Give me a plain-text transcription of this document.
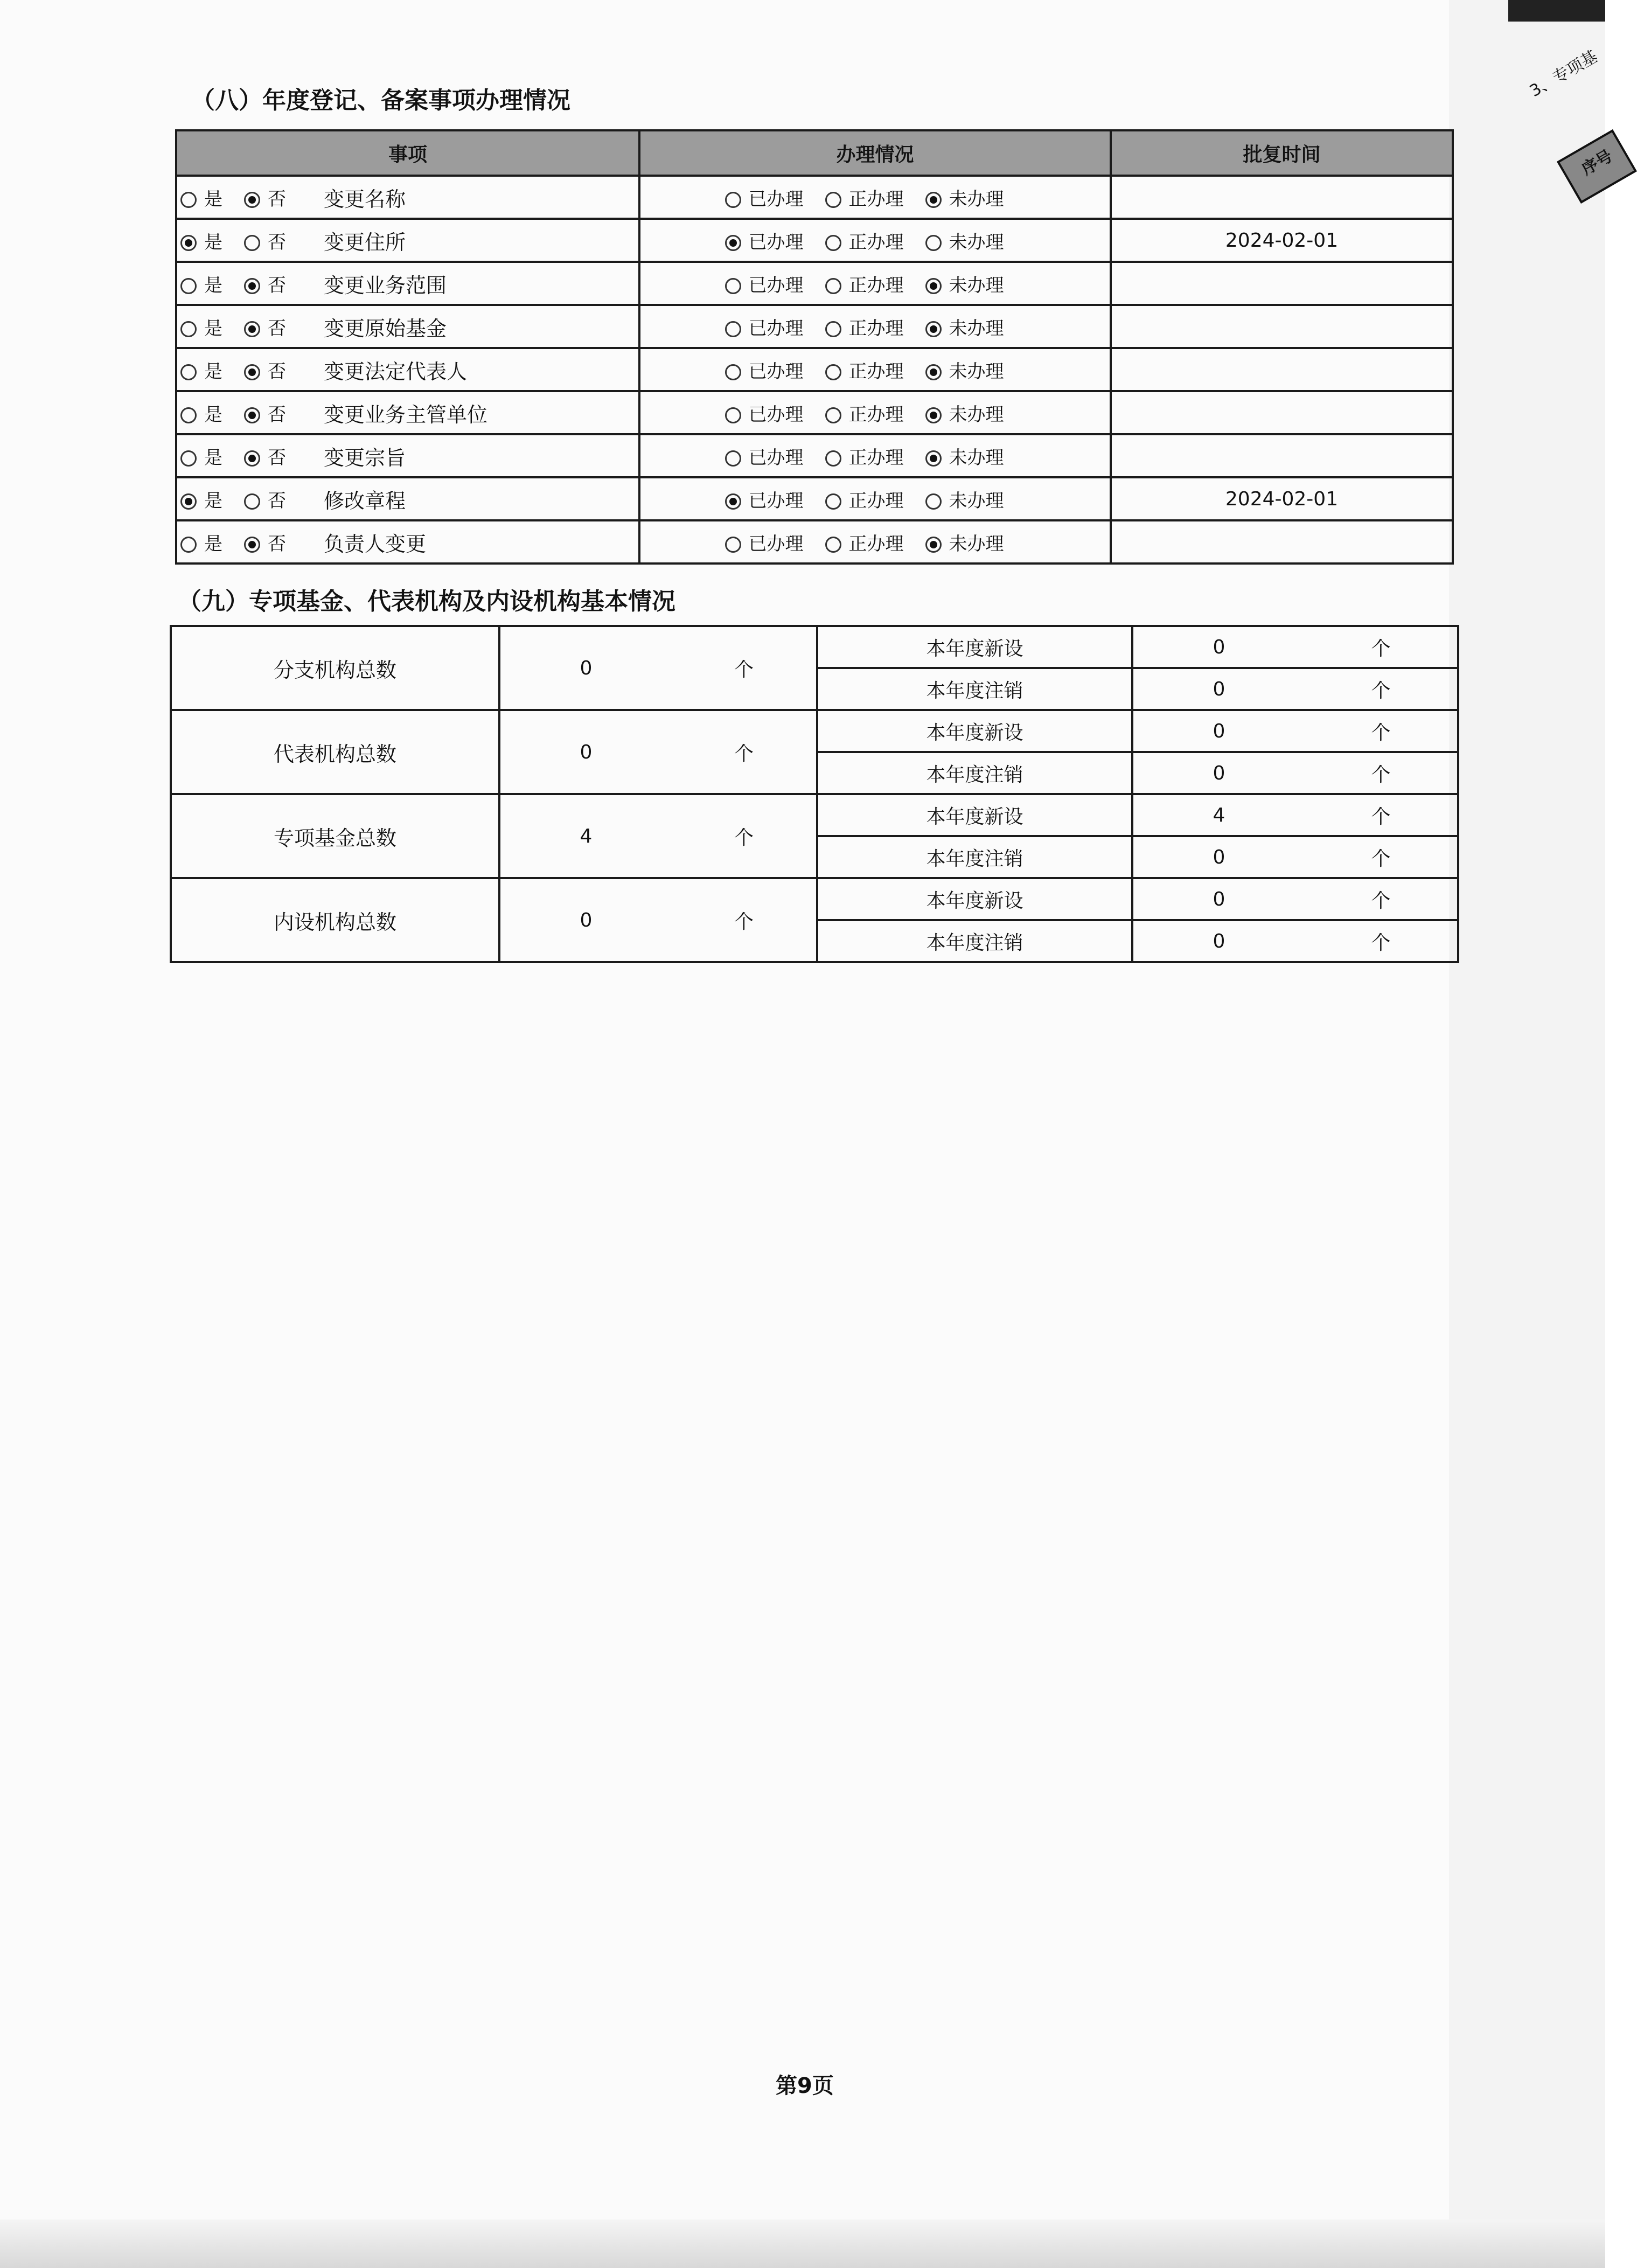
3、专项基
序号
（八）年度登记、备案事项办理情况
事项	办理情况	批复时间
是 否 变更名称	已办理 正办理 未办理	
是 否 变更住所	已办理 正办理 未办理	2024-02-01
是 否 变更业务范围	已办理 正办理 未办理	
是 否 变更原始基金	已办理 正办理 未办理	
是 否 变更法定代表人	已办理 正办理 未办理	
是 否 变更业务主管单位	已办理 正办理 未办理	
是 否 变更宗旨	已办理 正办理 未办理	
是 否 修改章程	已办理 正办理 未办理	2024-02-01
是 否 负责人变更	已办理 正办理 未办理	
（九）专项基金、代表机构及内设机构基本情况
分支机构总数	0	个	本年度新设	0	个
			本年度注销	0	个
代表机构总数	0	个	本年度新设	0	个
			本年度注销	0	个
专项基金总数	4	个	本年度新设	4	个
			本年度注销	0	个
内设机构总数	0	个	本年度新设	0	个
			本年度注销	0	个
第9页
